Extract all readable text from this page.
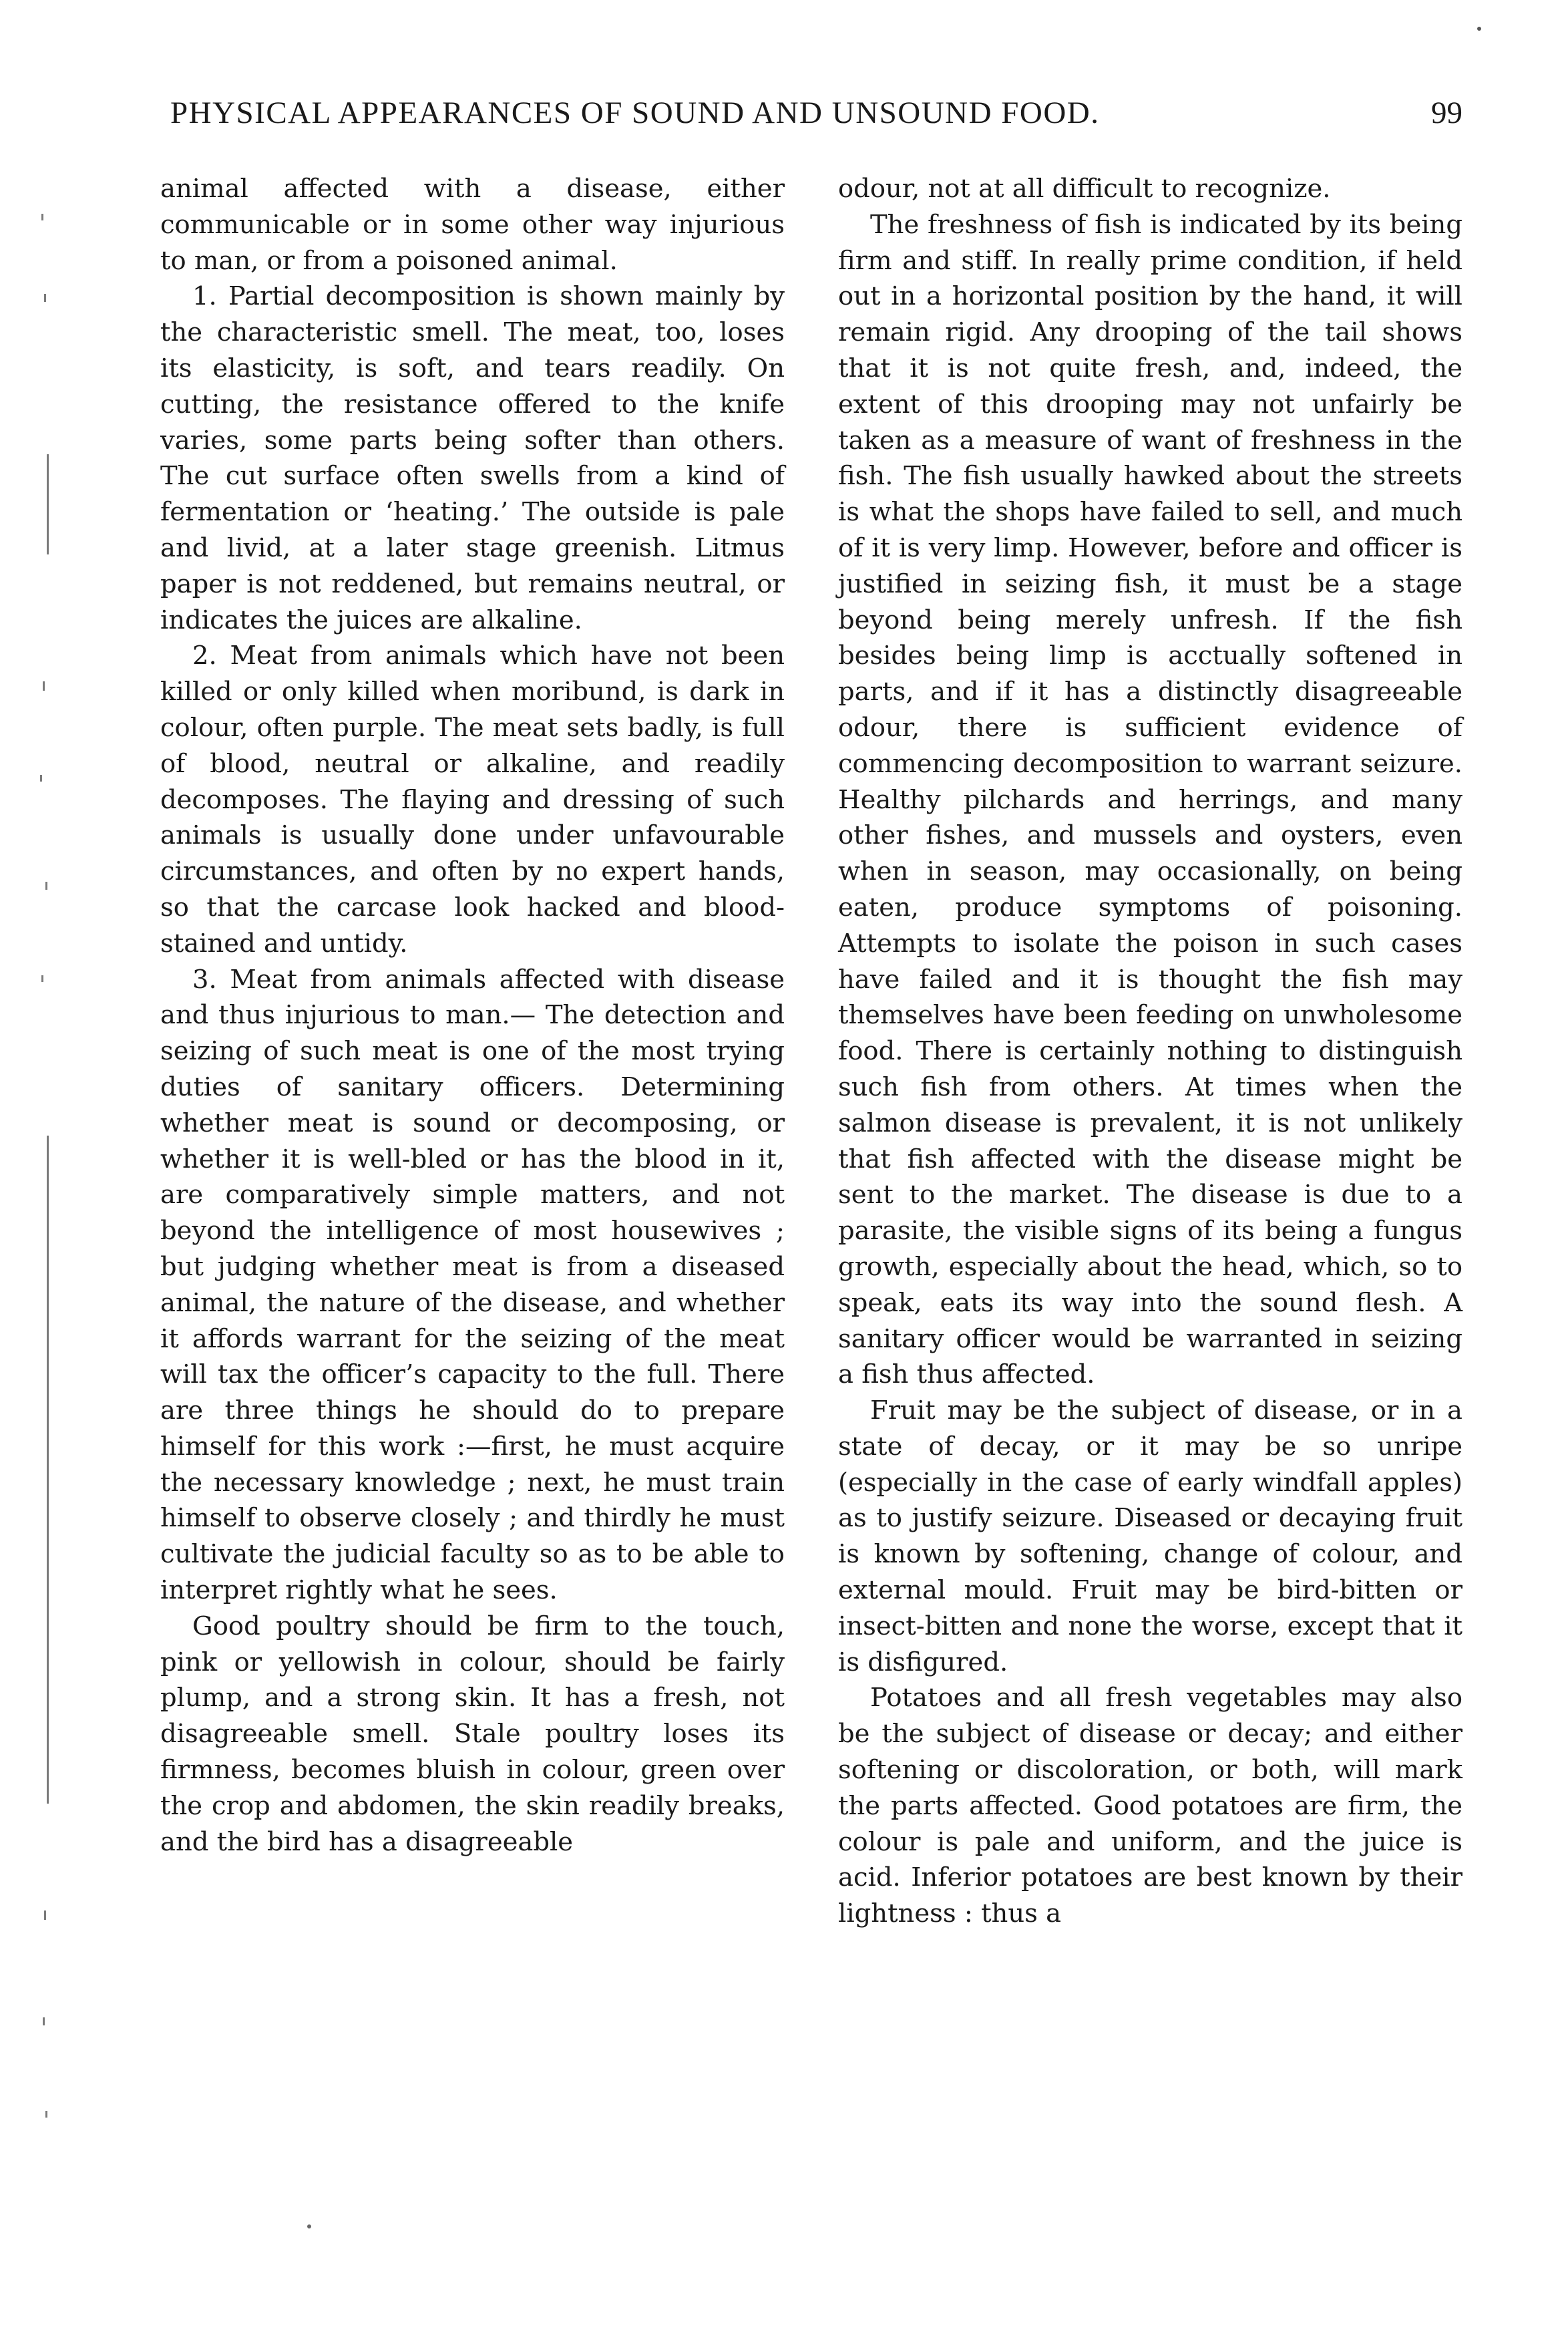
PHYSICAL APPEARANCES OF SOUND AND UNSOUND FOOD.	99

animal affected with a disease, either communicable or in some other way injurious to man, or from a poisoned animal.

1. Partial decomposition is shown mainly by the characteristic smell. The meat, too, loses its elasticity, is soft, and tears readily. On cutting, the resistance offered to the knife varies, some parts being softer than others. The cut surface often swells from a kind of fermentation or ‘heating.’ The outside is pale and livid, at a later stage greenish. Litmus paper is not reddened, but remains neutral, or indicates the juices are alkaline.

2. Meat from animals which have not been killed or only killed when moribund, is dark in colour, often purple. The meat sets badly, is full of blood, neutral or alkaline, and readily decomposes. The flaying and dressing of such animals is usually done under unfavourable circumstances, and often by no expert hands, so that the carcase look hacked and blood-stained and untidy.

3. Meat from animals affected with disease and thus injurious to man.— The detection and seizing of such meat is one of the most trying duties of sanitary officers. Determining whether meat is sound or decomposing, or whether it is well-bled or has the blood in it, are comparatively simple matters, and not beyond the intelligence of most housewives ; but judging whether meat is from a diseased animal, the nature of the disease, and whether it affords warrant for the seizing of the meat will tax the officer’s capacity to the full. There are three things he should do to prepare himself for this work :—first, he must acquire the necessary knowledge ; next, he must train himself to observe closely ; and thirdly he must cultivate the judicial faculty so as to be able to interpret rightly what he sees.

Good poultry should be firm to the touch, pink or yellowish in colour, should be fairly plump, and a strong skin. It has a fresh, not disagreeable smell. Stale poultry loses its firmness, becomes bluish in colour, green over the crop and abdomen, the skin readily breaks, and the bird has a disagreeable

odour, not at all difficult to recognize.

The freshness of fish is indicated by its being firm and stiff. In really prime condition, if held out in a horizontal position by the hand, it will remain rigid. Any drooping of the tail shows that it is not quite fresh, and, indeed, the extent of this drooping may not unfairly be taken as a measure of want of freshness in the fish. The fish usually hawked about the streets is what the shops have failed to sell, and much of it is very limp. However, before and officer is justified in seizing fish, it must be a stage beyond being merely unfresh. If the fish besides being limp is acctually softened in parts, and if it has a distinctly disagreeable odour, there is sufficient evidence of commencing decomposition to warrant seizure. Healthy pilchards and herrings, and many other fishes, and mussels and oysters, even when in season, may occasionally, on being eaten, produce symptoms of poisoning. Attempts to isolate the poison in such cases have failed and it is thought the fish may themselves have been feeding on unwholesome food. There is certainly nothing to distinguish such fish from others. At times when the salmon disease is prevalent, it is not unlikely that fish affected with the disease might be sent to the market. The disease is due to a parasite, the visible signs of its being a fungus growth, especially about the head, which, so to speak, eats its way into the sound flesh. A sanitary officer would be warranted in seizing a fish thus affected.

Fruit may be the subject of disease, or in a state of decay, or it may be so unripe (especially in the case of early windfall apples) as to justify seizure. Diseased or decaying fruit is known by softening, change of colour, and external mould. Fruit may be bird-bitten or insect-bitten and none the worse, except that it is disfigured.

Potatoes and all fresh vegetables may also be the subject of disease or decay; and either softening or discoloration, or both, will mark the parts affected. Good potatoes are firm, the colour is pale and uniform, and the juice is acid. Inferior potatoes are best known by their lightness : thus a
